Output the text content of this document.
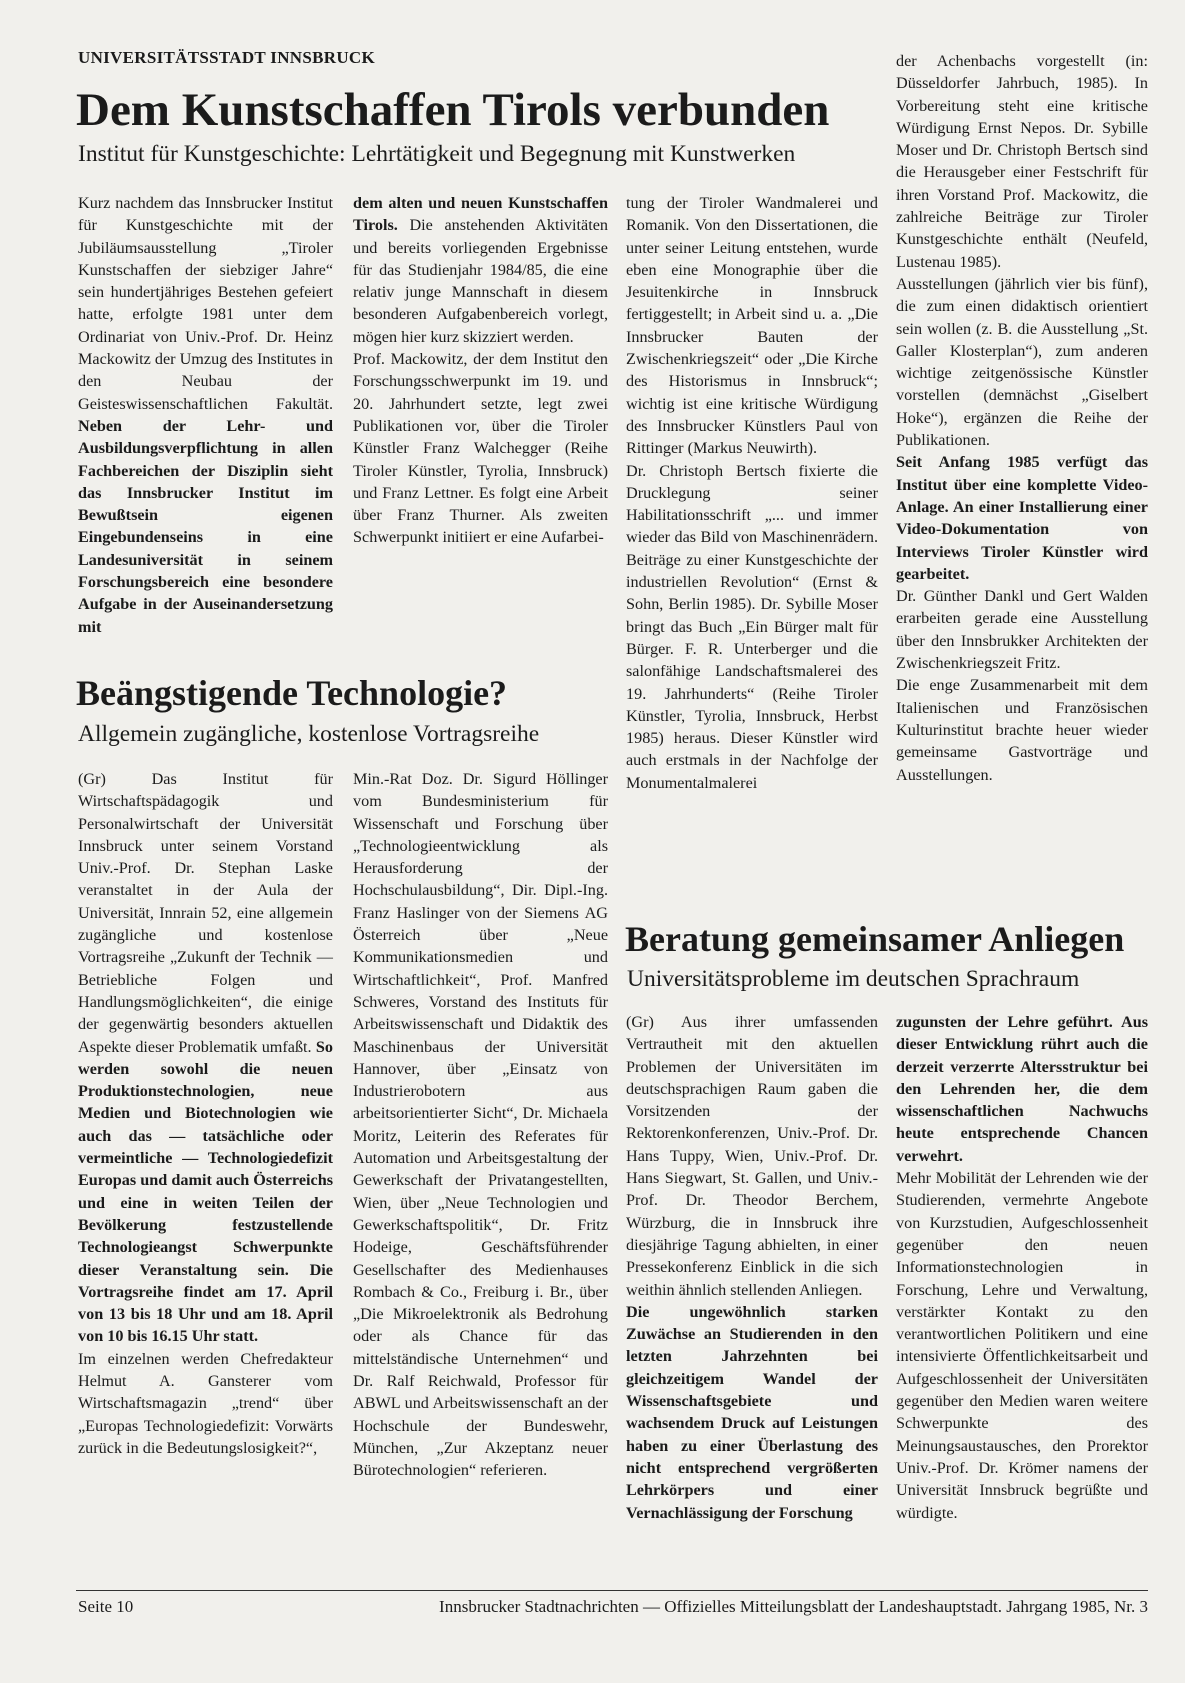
UNIVERSITÄTSSTADT INNSBRUCK
Dem Kunstschaffen Tirols verbunden
Institut für Kunstgeschichte: Lehrtätigkeit und Begegnung mit Kunstwerken

Kurz nachdem das Innsbrucker Institut für Kunstgeschichte mit der Jubiläumsausstellung „Tiroler Kunstschaffen der siebziger Jahre“ sein hundertjähriges Bestehen gefeiert hatte, erfolgte 1981 unter dem Ordinariat von Univ.-Prof. Dr. Heinz Mackowitz der Umzug des Institutes in den Neubau der Geisteswissenschaftlichen Fakultät. Neben der Lehr- und Ausbildungsverpflichtung in allen Fachbereichen der Disziplin sieht das Innsbrucker Institut im Bewußtsein eigenen Eingebundenseins in eine Landesuniversität in seinem Forschungsbereich eine besondere Aufgabe in der Auseinandersetzung mit

dem alten und neuen Kunstschaffen Tirols. Die anstehenden Aktivitäten und bereits vorliegenden Ergebnisse für das Studienjahr 1984/85, die eine relativ junge Mannschaft in diesem besonderen Aufgabenbereich vorlegt, mögen hier kurz skizziert werden.

Prof. Mackowitz, der dem Institut den Forschungsschwerpunkt im 19. und 20. Jahrhundert setzte, legt zwei Publikationen vor, über die Tiroler Künstler Franz Walchegger (Reihe Tiroler Künstler, Tyrolia, Innsbruck) und Franz Lettner. Es folgt eine Arbeit über Franz Thurner. Als zweiten Schwerpunkt initiiert er eine Aufarbei-

tung der Tiroler Wandmalerei und Romanik. Von den Dissertationen, die unter seiner Leitung entstehen, wurde eben eine Monographie über die Jesuitenkirche in Innsbruck fertiggestellt; in Arbeit sind u. a. „Die Innsbrucker Bauten der Zwischenkriegszeit“ oder „Die Kirche des Historismus in Innsbruck“; wichtig ist eine kritische Würdigung des Innsbrucker Künstlers Paul von Rittinger (Markus Neuwirth).

Dr. Christoph Bertsch fixierte die Drucklegung seiner Habilitationsschrift „... und immer wieder das Bild von Maschinenrädern. Beiträge zu einer Kunstgeschichte der industriellen Revolution“ (Ernst & Sohn, Berlin 1985). Dr. Sybille Moser bringt das Buch „Ein Bürger malt für Bürger. F. R. Unterberger und die salonfähige Landschaftsmalerei des 19. Jahrhunderts“ (Reihe Tiroler Künstler, Tyrolia, Innsbruck, Herbst 1985) heraus. Dieser Künstler wird auch erstmals in der Nachfolge der Monumentalmalerei

der Achenbachs vorgestellt (in: Düsseldorfer Jahrbuch, 1985). In Vorbereitung steht eine kritische Würdigung Ernst Nepos. Dr. Sybille Moser und Dr. Christoph Bertsch sind die Herausgeber einer Festschrift für ihren Vorstand Prof. Mackowitz, die zahlreiche Beiträge zur Tiroler Kunstgeschichte enthält (Neufeld, Lustenau 1985).

Ausstellungen (jährlich vier bis fünf), die zum einen didaktisch orientiert sein wollen (z. B. die Ausstellung „St. Galler Klosterplan“), zum anderen wichtige zeitgenössische Künstler vorstellen (demnächst „Giselbert Hoke“), ergänzen die Reihe der Publikationen.

Seit Anfang 1985 verfügt das Institut über eine komplette Video-Anlage. An einer Installierung einer Video-Dokumentation von Interviews Tiroler Künstler wird gearbeitet.

Dr. Günther Dankl und Gert Walden erarbeiten gerade eine Ausstellung über den Innsbrukker Architekten der Zwischenkriegszeit Fritz.

Die enge Zusammenarbeit mit dem Italienischen und Französischen Kulturinstitut brachte heuer wieder gemeinsame Gastvorträge und Ausstellungen.

Beängstigende Technologie?
Allgemein zugängliche, kostenlose Vortragsreihe

(Gr) Das Institut für Wirtschaftspädagogik und Personalwirtschaft der Universität Innsbruck unter seinem Vorstand Univ.-Prof. Dr. Stephan Laske veranstaltet in der Aula der Universität, Innrain 52, eine allgemein zugängliche und kostenlose Vortragsreihe „Zukunft der Technik — Betriebliche Folgen und Handlungsmöglichkeiten“, die einige der gegenwärtig besonders aktuellen Aspekte dieser Problematik umfaßt. So werden sowohl die neuen Produktionstechnologien, neue Medien und Biotechnologien wie auch das — tatsächliche oder vermeintliche — Technologiedefizit Europas und damit auch Österreichs und eine in weiten Teilen der Bevölkerung festzustellende Technologieangst Schwerpunkte dieser Veranstaltung sein. Die Vortragsreihe findet am 17. April von 13 bis 18 Uhr und am 18. April von 10 bis 16.15 Uhr statt.

Im einzelnen werden Chefredakteur Helmut A. Gansterer vom Wirtschaftsmagazin „trend“ über „Europas Technologiedefizit: Vorwärts zurück in die Bedeutungslosigkeit?“,

Min.-Rat Doz. Dr. Sigurd Höllinger vom Bundesministerium für Wissenschaft und Forschung über „Technologieentwicklung als Herausforderung der Hochschulausbildung“, Dir. Dipl.-Ing. Franz Haslinger von der Siemens AG Österreich über „Neue Kommunikationsmedien und Wirtschaftlichkeit“, Prof. Manfred Schweres, Vorstand des Instituts für Arbeitswissenschaft und Didaktik des Maschinenbaus der Universität Hannover, über „Einsatz von Industrierobotern aus arbeitsorientierter Sicht“, Dr. Michaela Moritz, Leiterin des Referates für Automation und Arbeitsgestaltung der Gewerkschaft der Privatangestellten, Wien, über „Neue Technologien und Gewerkschaftspolitik“, Dr. Fritz Hodeige, Geschäftsführender Gesellschafter des Medienhauses Rombach & Co., Freiburg i. Br., über „Die Mikroelektronik als Bedrohung oder als Chance für das mittelständische Unternehmen“ und Dr. Ralf Reichwald, Professor für ABWL und Arbeitswissenschaft an der Hochschule der Bundeswehr, München, „Zur Akzeptanz neuer Bürotechnologien“ referieren.

Beratung gemeinsamer Anliegen
Universitätsprobleme im deutschen Sprachraum

(Gr) Aus ihrer umfassenden Vertrautheit mit den aktuellen Problemen der Universitäten im deutschsprachigen Raum gaben die Vorsitzenden der Rektorenkonferenzen, Univ.-Prof. Dr. Hans Tuppy, Wien, Univ.-Prof. Dr. Hans Siegwart, St. Gallen, und Univ.-Prof. Dr. Theodor Berchem, Würzburg, die in Innsbruck ihre diesjährige Tagung abhielten, in einer Pressekonferenz Einblick in die sich weithin ähnlich stellenden Anliegen.

Die ungewöhnlich starken Zuwächse an Studierenden in den letzten Jahrzehnten bei gleichzeitigem Wandel der Wissenschaftsgebiete und wachsendem Druck auf Leistungen haben zu einer Überlastung des nicht entsprechend vergrößerten Lehrkörpers und einer Vernachlässigung der Forschung

zugunsten der Lehre geführt. Aus dieser Entwicklung rührt auch die derzeit verzerrte Altersstruktur bei den Lehrenden her, die dem wissenschaftlichen Nachwuchs heute entsprechende Chancen verwehrt.

Mehr Mobilität der Lehrenden wie der Studierenden, vermehrte Angebote von Kurzstudien, Aufgeschlossenheit gegenüber den neuen Informationstechnologien in Forschung, Lehre und Verwaltung, verstärkter Kontakt zu den verantwortlichen Politikern und eine intensivierte Öffentlichkeitsarbeit und Aufgeschlossenheit der Universitäten gegenüber den Medien waren weitere Schwerpunkte des Meinungsaustausches, den Prorektor Univ.-Prof. Dr. Krömer namens der Universität Innsbruck begrüßte und würdigte.

Seite 10	Innsbrucker Stadtnachrichten — Offizielles Mitteilungsblatt der Landeshauptstadt. Jahrgang 1985, Nr. 3
